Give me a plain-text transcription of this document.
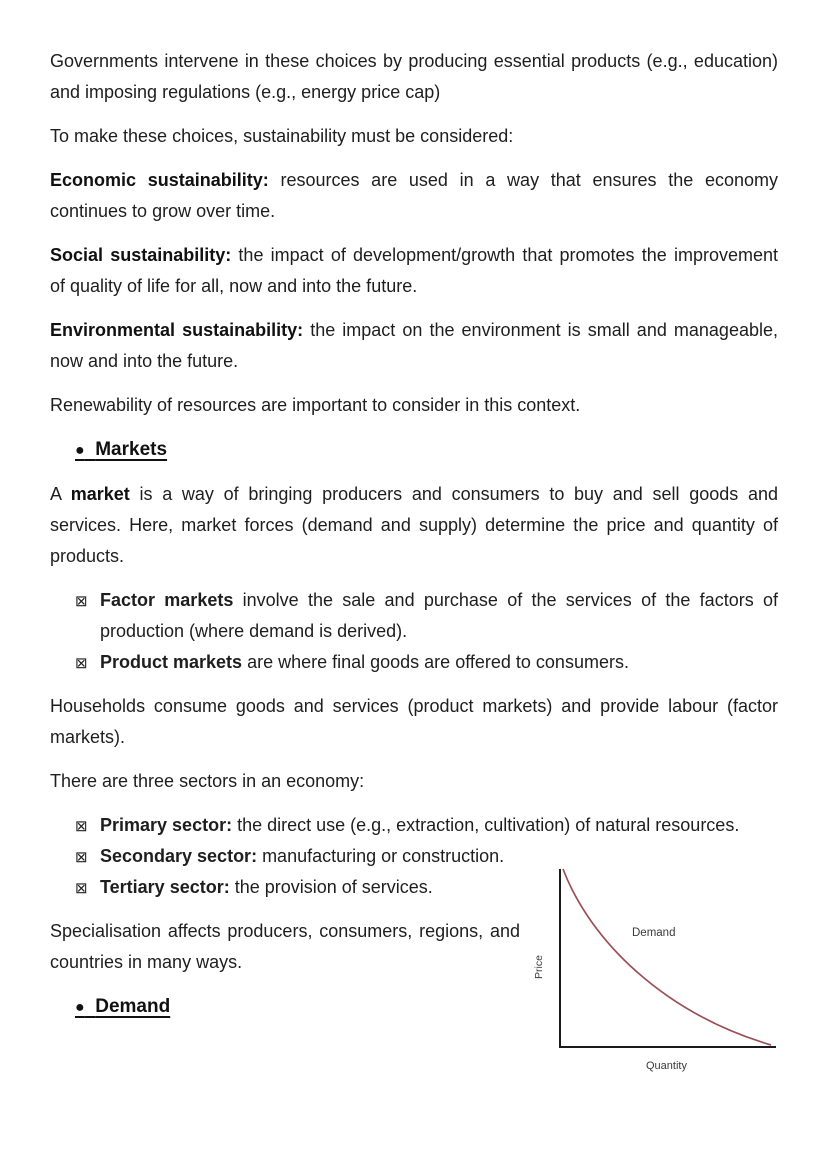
Governments intervene in these choices by producing essential products (e.g., education) and imposing regulations (e.g., energy price cap)

To make these choices, sustainability must be considered:

Economic sustainability: resources are used in a way that ensures the economy continues to grow over time.

Social sustainability: the impact of development/growth that promotes the improvement of quality of life for all, now and into the future.

Environmental sustainability: the impact on the environment is small and manageable, now and into the future.

Renewability of resources are important to consider in this context.

● Markets

A market is a way of bringing producers and consumers to buy and sell goods and services. Here, market forces (demand and supply) determine the price and quantity of products.

⊠ Factor markets involve the sale and purchase of the services of the factors of production (where demand is derived).
⊠ Product markets are where final goods are offered to consumers.

Households consume goods and services (product markets) and provide labour (factor markets).

There are three sectors in an economy:

⊠ Primary sector: the direct use (e.g., extraction, cultivation) of natural resources.
⊠ Secondary sector: manufacturing or construction.
⊠ Tertiary sector: the provision of services.

Specialisation affects producers, consumers, regions, and countries in many ways.

● Demand
Demand
Price
Quantity
